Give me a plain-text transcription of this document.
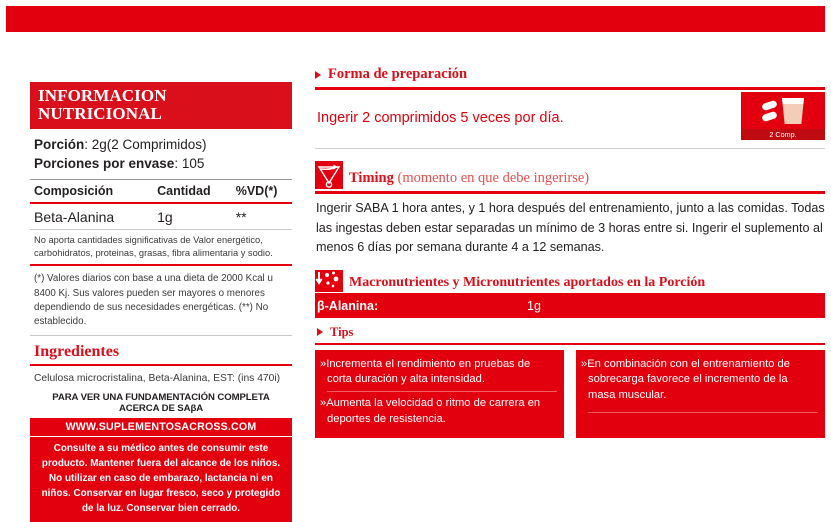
INFORMACION NUTRICIONAL
Porción: 2g(2 Comprimidos)
Porciones por envase: 105
Composición	Cantidad	%VD(*)
Beta-Alanina	1g	**
No aporta cantidades significativas de Valor energético, carbohidratos, proteinas, grasas, fibra alimentaria y sodio.
(*) Valores diarios con base a una dieta de 2000 Kcal u 8400 Kj. Sus valores pueden ser mayores o menores dependiendo de sus necesidades energéticas. (**) No establecido.
Ingredientes
Celulosa microcristalina, Beta-Alanina, EST: (ins 470i)
PARA VER UNA FUNDAMENTACIÓN COMPLETA ACERCA DE SAβA
WWW.SUPLEMENTOSACROSS.COM
Consulte a su médico antes de consumir este producto. Mantener fuera del alcance de los niños. No utilizar en caso de embarazo, lactancia ni en niños. Conservar en lugar fresco, seco y protegido de la luz. Conservar bien cerrado.
Forma de preparación
Ingerir 2 comprimidos 5 veces por día.
2 Comp.
Timing (momento en que debe ingerirse)
Ingerir SABA 1 hora antes, y 1 hora después del entrenamiento, junto a las comidas. Todas las ingestas deben estar separadas un mínimo de 3 horas entre si. Ingerir el suplemento al menos 6 días por semana durante 4 a 12 semanas.
Macronutrientes y Micronutrientes aportados en la Porción
β-Alanina:	1g
Tips
»Incrementa el rendimiento en pruebas de corta duración y alta intensidad.
»Aumenta la velocidad o ritmo de carrera en deportes de resistencia.
»En combinación con el entrenamiento de sobrecarga favorece el incremento de la masa muscular.
